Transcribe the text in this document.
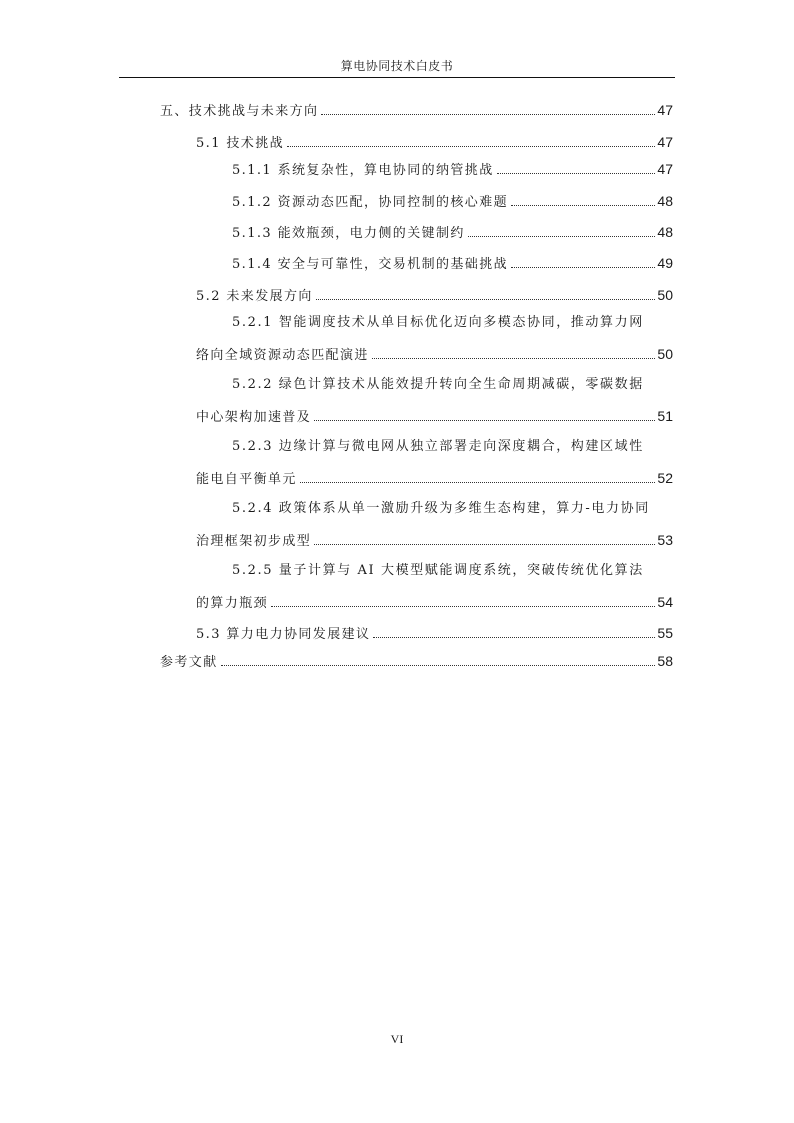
算电协同技术白皮书
五、技术挑战与未来方向	47
5.1 技术挑战	47
5.1.1 系统复杂性，算电协同的纳管挑战	47
5.1.2 资源动态匹配，协同控制的核心难题	48
5.1.3 能效瓶颈，电力侧的关键制约	48
5.1.4 安全与可靠性，交易机制的基础挑战	49
5.2 未来发展方向	50
5.2.1 智能调度技术从单目标优化迈向多模态协同，推动算力网
络向全域资源动态匹配演进	50
5.2.2 绿色计算技术从能效提升转向全生命周期减碳，零碳数据
中心架构加速普及	51
5.2.3 边缘计算与微电网从独立部署走向深度耦合，构建区域性
能电自平衡单元	52
5.2.4 政策体系从单一激励升级为多维生态构建，算力-电力协同
治理框架初步成型	53
5.2.5 量子计算与 AI 大模型赋能调度系统，突破传统优化算法
的算力瓶颈	54
5.3 算力电力协同发展建议	55
参考文献	58
VI
